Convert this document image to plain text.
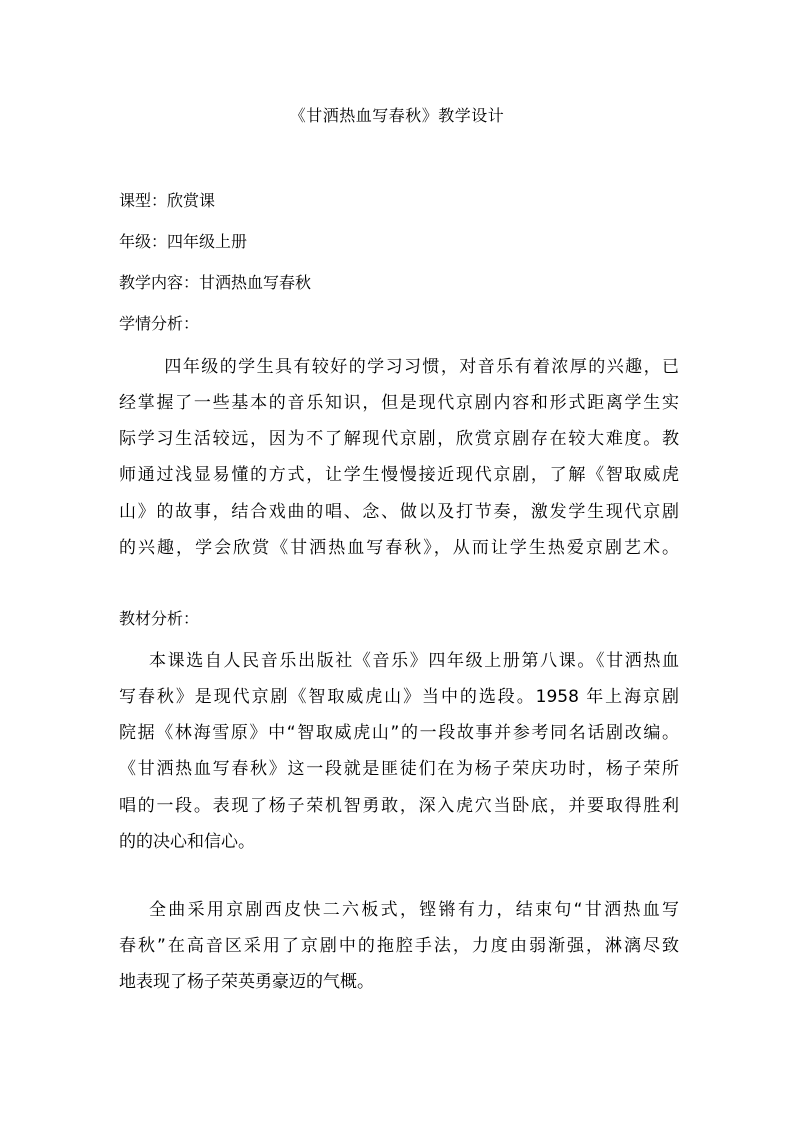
《甘洒热血写春秋》教学设计
课型：欣赏课
年级：四年级上册
教学内容：甘洒热血写春秋
学情分析：
　四年级的学生具有较好的学习习惯，对音乐有着浓厚的兴趣，已
经掌握了一些基本的音乐知识，但是现代京剧内容和形式距离学生实
际学习生活较远，因为不了解现代京剧，欣赏京剧存在较大难度。教
师通过浅显易懂的方式，让学生慢慢接近现代京剧，了解《智取威虎
山》的故事，结合戏曲的唱、念、做以及打节奏，激发学生现代京剧
的兴趣，学会欣赏《甘洒热血写春秋》，从而让学生热爱京剧艺术。
教材分析：
本课选自人民音乐出版社《音乐》四年级上册第八课。《甘洒热血
写春秋》是现代京剧《智取威虎山》当中的选段。1958 年上海京剧
院据《林海雪原》中“智取威虎山”的一段故事并参考同名话剧改编。
《甘洒热血写春秋》这一段就是匪徒们在为杨子荣庆功时，杨子荣所
唱的一段。表现了杨子荣机智勇敢，深入虎穴当卧底，并要取得胜利
的的决心和信心。
全曲采用京剧西皮快二六板式，铿锵有力，结束句“甘洒热血写
春秋”在高音区采用了京剧中的拖腔手法，力度由弱渐强，淋漓尽致
地表现了杨子荣英勇豪迈的气概。
